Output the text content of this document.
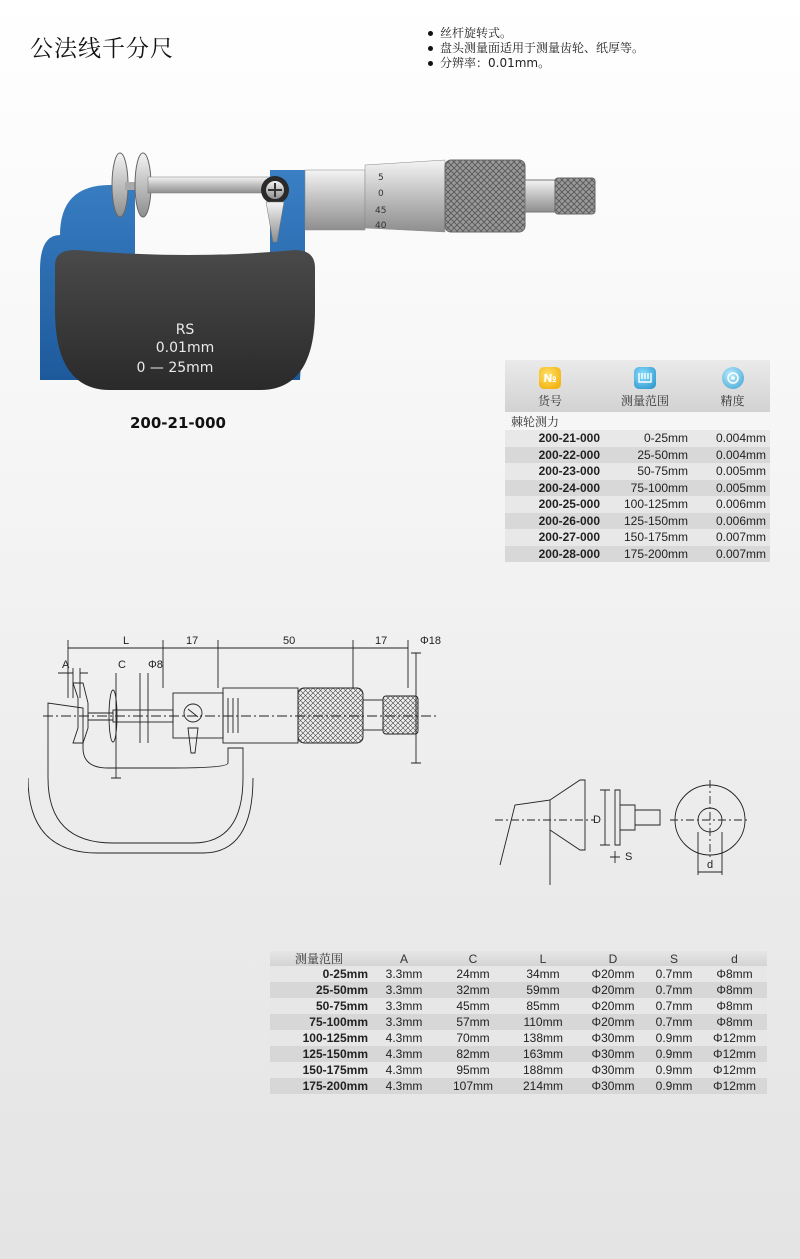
公法线千分尺
丝杆旋转式。
盘头测量面适用于测量齿轮、纸厚等。
分辨率：0.01mm。
5
0
45
40
RS
0.01mm
0 — 25mm
200-21-000
№
货号	测量范围	精度
棘轮测力
200-21-000	0-25mm	0.004mm
200-22-000	25-50mm	0.004mm
200-23-000	50-75mm	0.005mm
200-24-000	75-100mm	0.005mm
200-25-000	100-125mm	0.006mm
200-26-000	125-150mm	0.006mm
200-27-000	150-175mm	0.007mm
200-28-000	175-200mm	0.007mm
L	17	50	17	Φ18
A	C Φ8
D
S
d
测量范围	A	C	L	D	S	d
0-25mm	3.3mm	24mm	34mm	Φ20mm	0.7mm	Φ8mm
25-50mm	3.3mm	32mm	59mm	Φ20mm	0.7mm	Φ8mm
50-75mm	3.3mm	45mm	85mm	Φ20mm	0.7mm	Φ8mm
75-100mm	3.3mm	57mm	110mm	Φ20mm	0.7mm	Φ8mm
100-125mm	4.3mm	70mm	138mm	Φ30mm	0.9mm	Φ12mm
125-150mm	4.3mm	82mm	163mm	Φ30mm	0.9mm	Φ12mm
150-175mm	4.3mm	95mm	188mm	Φ30mm	0.9mm	Φ12mm
175-200mm	4.3mm	107mm	214mm	Φ30mm	0.9mm	Φ12mm
